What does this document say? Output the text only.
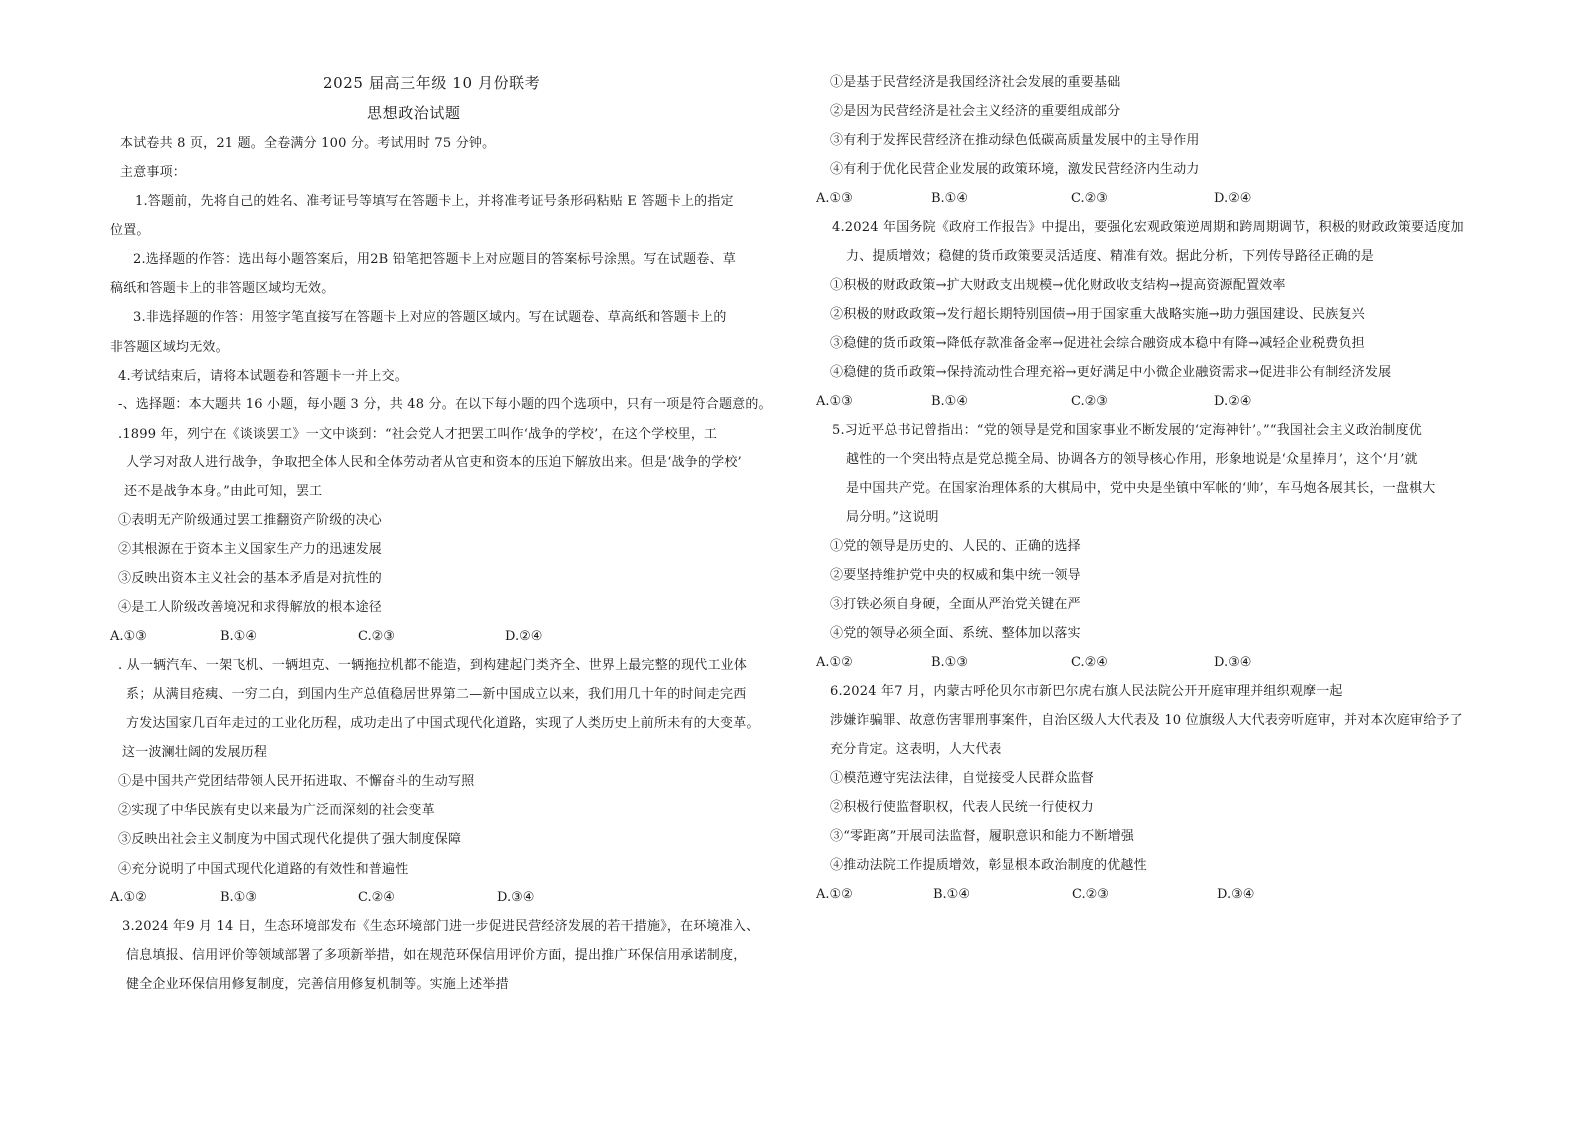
2025 届高三年级 10 月份联考
思想政治试题
本试卷共 8 页，21 题。全卷满分 100 分。考试用时 75 分钟。
主意事项：
1.答题前，先将自己的姓名、准考证号等填写在答题卡上，并将准考证号条形码粘贴 E 答题卡上的指定
位置。
2.选择题的作答：选出每小题答案后，用2B 铅笔把答题卡上对应题目的答案标号涂黑。写在试题卷、草
稿纸和答题卡上的非答题区域均无效。
3.非选择题的作答：用签字笔直接写在答题卡上对应的答题区域内。写在试题卷、草高纸和答题卡上的
非答题区域均无效。
4.考试结束后，请将本试题卷和答题卡一并上交。
-、选择题：本大题共 16 小题，每小题 3 分，共 48 分。在以下每小题的四个选项中，只有一项是符合题意的。
.1899 年，列宁在《谈谈罢工》一文中谈到：“社会党人才把罢工叫作‘战争的学校’，在这个学校里，工
人学习对敌人进行战争，争取把全体人民和全体劳动者从官吏和资本的压迫下解放出来。但是‘战争的学校’
还不是战争本身。”由此可知，罢工
①表明无产阶级通过罢工推翻资产阶级的决心
②其根源在于资本主义国家生产力的迅速发展
③反映出资本主义社会的基本矛盾是对抗性的
④是工人阶级改善境况和求得解放的根本途径
A.①③	B.①④	C.②③	D.②④
. 从一辆汽车、一架飞机、一辆坦克、一辆拖拉机都不能造，到构建起门类齐全、世界上最完整的现代工业体
系；从满目疮痍、一穷二白，到国内生产总值稳居世界第二—新中国成立以来，我们用几十年的时间走完西
方发达国家几百年走过的工业化历程，成功走出了中国式现代化道路，实现了人类历史上前所未有的大变革。
这一波澜壮阔的发展历程
①是中国共产党团结带领人民开拓进取、不懈奋斗的生动写照
②实现了中华民族有史以来最为广泛而深刻的社会变革
③反映出社会主义制度为中国式现代化提供了强大制度保障
④充分说明了中国式现代化道路的有效性和普遍性
A.①②	B.①③	C.②④	D.③④
3.2024 年9 月 14 日，生态环境部发布《生态环境部门进一步促进民营经济发展的若干措施》，在环境准入、
信息填报、信用评价等领域部署了多项新举措，如在规范环保信用评价方面，提出推广环保信用承诺制度，
健全企业环保信用修复制度，完善信用修复机制等。实施上述举措
①是基于民营经济是我国经济社会发展的重要基础
②是因为民营经济是社会主义经济的重要组成部分
③有利于发挥民营经济在推动绿色低碳高质量发展中的主导作用
④有利于优化民营企业发展的政策环境，激发民营经济内生动力
A.①③	B.①④	C.②③	D.②④
4.2024 年国务院《政府工作报告》中提出，要强化宏观政策逆周期和跨周期调节，积极的财政政策要适度加
力、提质增效；稳健的货币政策要灵活适度、精准有效。据此分析，下列传导路径正确的是
①积极的财政政策→扩大财政支出规模→优化财政收支结构→提高资源配置效率
②积极的财政政策→发行超长期特别国债→用于国家重大战略实施→助力强国建设、民族复兴
③稳健的货币政策→降低存款准备金率→促进社会综合融资成本稳中有降→减轻企业税费负担
④稳健的货币政策→保持流动性合理充裕→更好满足中小微企业融资需求→促进非公有制经济发展
A.①③	B.①④	C.②③	D.②④
5.习近平总书记曾指出：“党的领导是党和国家事业不断发展的‘定海神针’。”“我国社会主义政治制度优
越性的一个突出特点是党总揽全局、协调各方的领导核心作用，形象地说是‘众星捧月’，这个‘月’就
是中国共产党。在国家治理体系的大棋局中，党中央是坐镇中军帐的‘帅’，车马炮各展其长，一盘棋大
局分明。”这说明
①党的领导是历史的、人民的、正确的选择
②要坚持维护党中央的权威和集中统一领导
③打铁必须自身硬，全面从严治党关键在严
④党的领导必须全面、系统、整体加以落实
A.①②	B.①③	C.②④	D.③④
6.2024 年7 月，内蒙古呼伦贝尔市新巴尔虎右旗人民法院公开开庭审理并组织观摩一起
涉嫌诈骗罪、故意伤害罪刑事案件，自治区级人大代表及 10 位旗级人大代表旁听庭审，并对本次庭审给予了
充分肯定。这表明，人大代表
①模范遵守宪法法律，自觉接受人民群众监督
②积极行使监督职权，代表人民统一行使权力
③“零距离”开展司法监督，履职意识和能力不断增强
④推动法院工作提质增效，彰显根本政治制度的优越性
A.①②	B.①④	C.②③	D.③④
